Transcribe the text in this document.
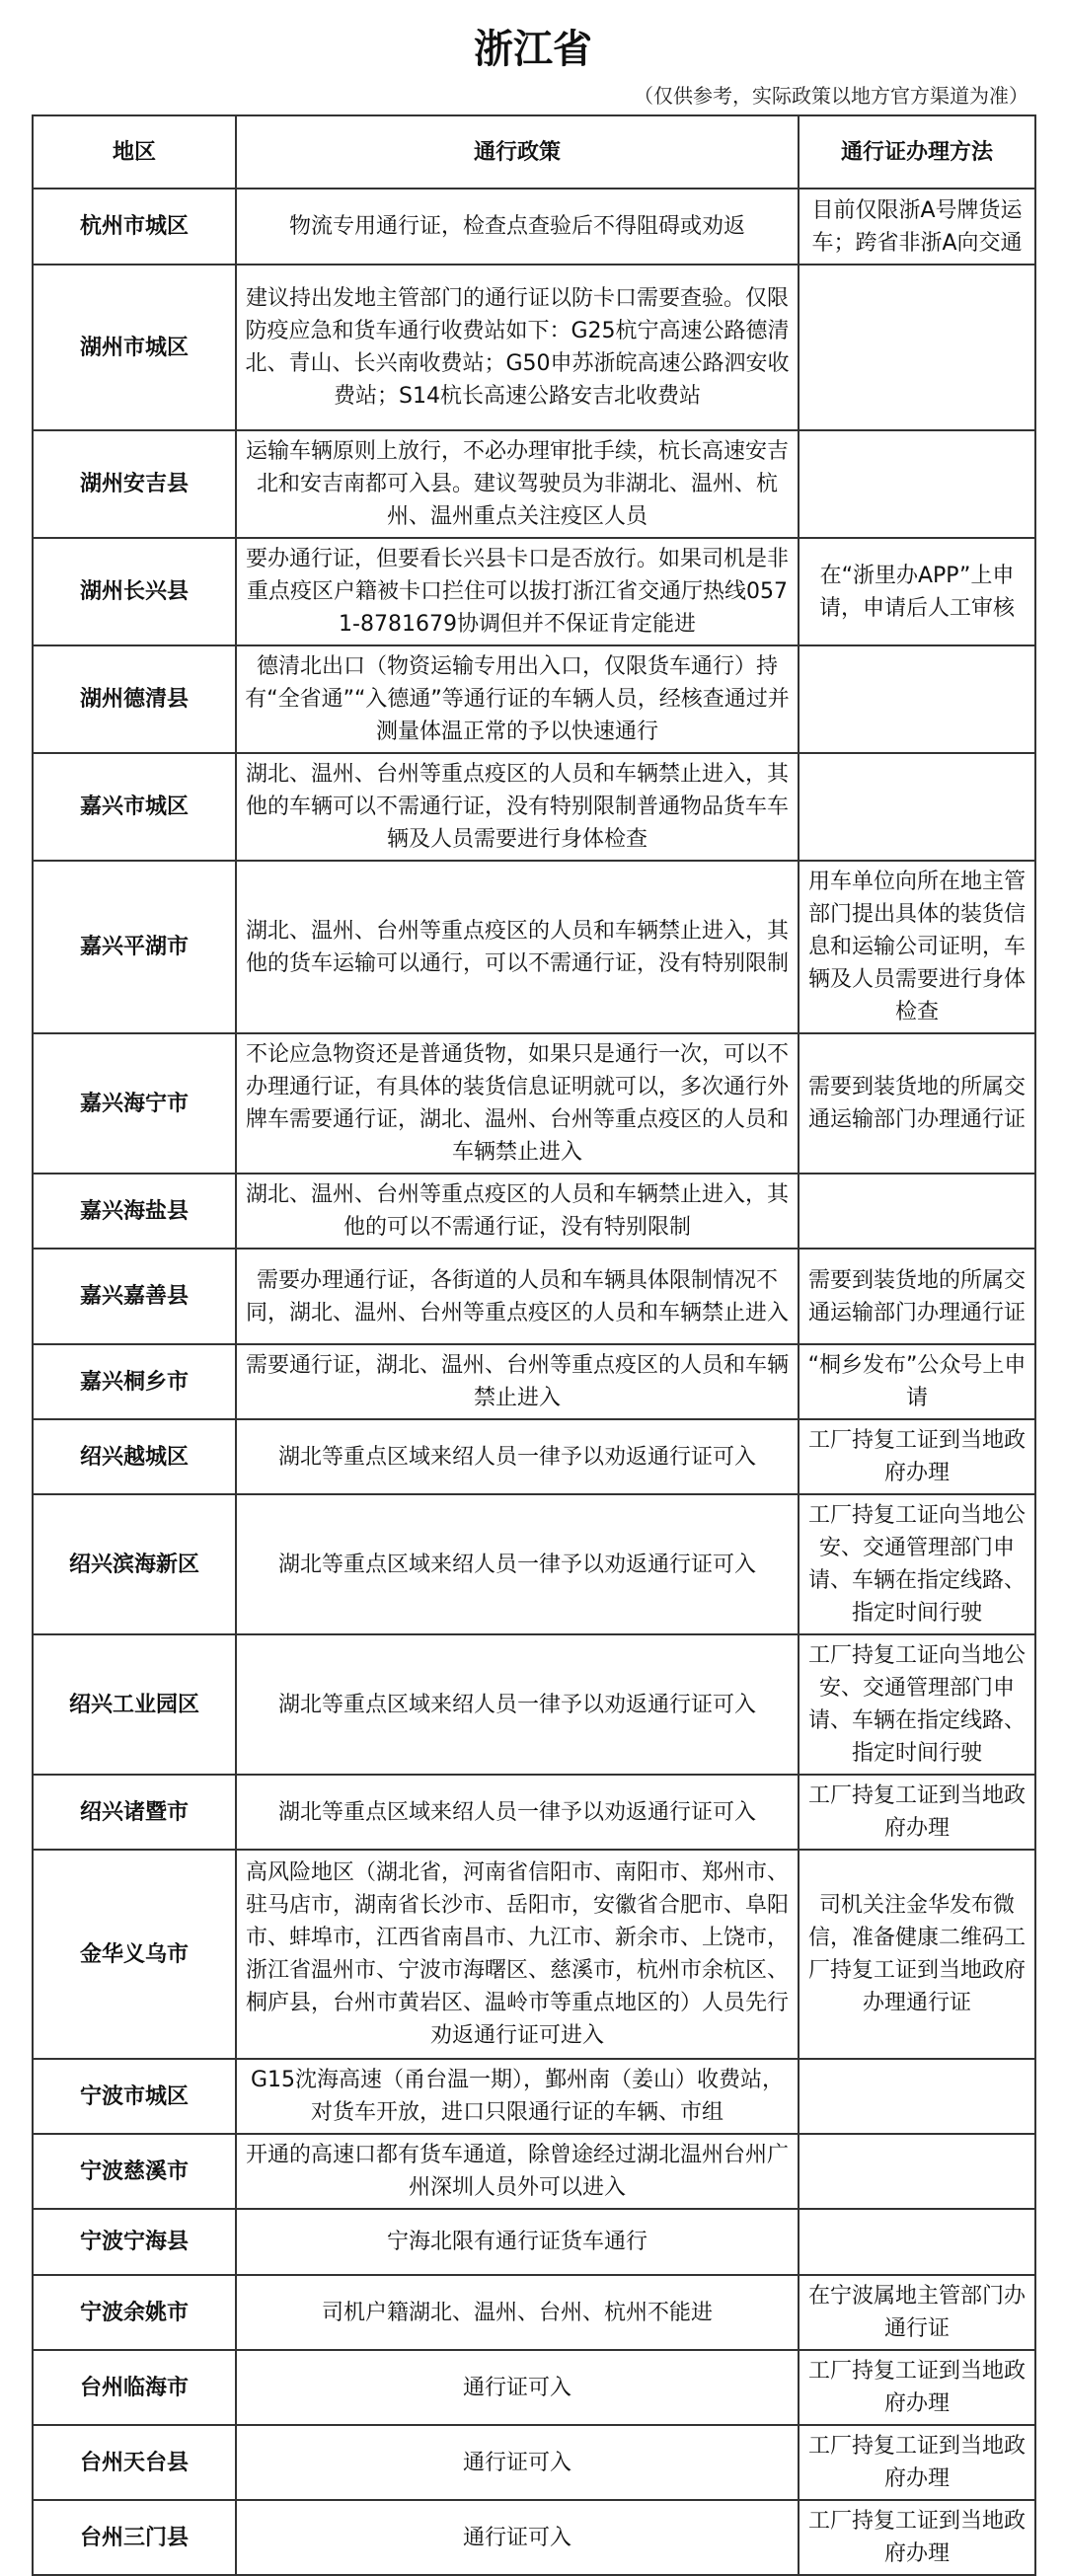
浙江省
（仅供参考，实际政策以地方官方渠道为准）
地区	通行政策	通行证办理方法
杭州市城区	物流专用通行证，检查点查验后不得阻碍或劝返	目前仅限浙A号牌货运车；跨省非浙A向交通
湖州市城区	建议持出发地主管部门的通行证以防卡口需要查验。仅限防疫应急和货车通行收费站如下：G25杭宁高速公路德清北、青山、长兴南收费站；G50申苏浙皖高速公路泗安收费站；S14杭长高速公路安吉北收费站	
湖州安吉县	运输车辆原则上放行，不必办理审批手续，杭长高速安吉北和安吉南都可入县。建议驾驶员为非湖北、温州、杭州、温州重点关注疫区人员	
湖州长兴县	要办通行证，但要看长兴县卡口是否放行。如果司机是非重点疫区户籍被卡口拦住可以拔打浙江省交通厅热线0571-8781679协调但并不保证肯定能进	在“浙里办APP”上申请，申请后人工审核
湖州德清县	德清北出口（物资运输专用出入口，仅限货车通行）持有“全省通”“入德通”等通行证的车辆人员，经核查通过并测量体温正常的予以快速通行	
嘉兴市城区	湖北、温州、台州等重点疫区的人员和车辆禁止进入，其他的车辆可以不需通行证，没有特别限制普通物品货车车辆及人员需要进行身体检查	
嘉兴平湖市	湖北、温州、台州等重点疫区的人员和车辆禁止进入，其他的货车运输可以通行，可以不需通行证，没有特别限制	用车单位向所在地主管部门提出具体的装货信息和运输公司证明，车辆及人员需要进行身体检查
嘉兴海宁市	不论应急物资还是普通货物，如果只是通行一次，可以不办理通行证，有具体的装货信息证明就可以，多次通行外牌车需要通行证，湖北、温州、台州等重点疫区的人员和车辆禁止进入	需要到装货地的所属交通运输部门办理通行证
嘉兴海盐县	湖北、温州、台州等重点疫区的人员和车辆禁止进入，其他的可以不需通行证，没有特别限制	
嘉兴嘉善县	需要办理通行证，各街道的人员和车辆具体限制情况不同，湖北、温州、台州等重点疫区的人员和车辆禁止进入	需要到装货地的所属交通运输部门办理通行证
嘉兴桐乡市	需要通行证，湖北、温州、台州等重点疫区的人员和车辆禁止进入	“桐乡发布”公众号上申请
绍兴越城区	湖北等重点区域来绍人员一律予以劝返通行证可入	工厂持复工证到当地政府办理
绍兴滨海新区	湖北等重点区域来绍人员一律予以劝返通行证可入	工厂持复工证向当地公安、交通管理部门申请、车辆在指定线路、指定时间行驶
绍兴工业园区	湖北等重点区域来绍人员一律予以劝返通行证可入	工厂持复工证向当地公安、交通管理部门申请、车辆在指定线路、指定时间行驶
绍兴诸暨市	湖北等重点区域来绍人员一律予以劝返通行证可入	工厂持复工证到当地政府办理
金华义乌市	高风险地区（湖北省，河南省信阳市、南阳市、郑州市、驻马店市，湖南省长沙市、岳阳市，安徽省合肥市、阜阳市、蚌埠市，江西省南昌市、九江市、新余市、上饶市，浙江省温州市、宁波市海曙区、慈溪市，杭州市余杭区、桐庐县，台州市黄岩区、温岭市等重点地区的）人员先行劝返通行证可进入	司机关注金华发布微信，准备健康二维码工厂持复工证到当地政府办理通行证
宁波市城区	G15沈海高速（甬台温一期），鄞州南（姜山）收费站，对货车开放，进口只限通行证的车辆、市组	
宁波慈溪市	开通的高速口都有货车通道，除曾途经过湖北温州台州广州深圳人员外可以进入	
宁波宁海县	宁海北限有通行证货车通行	
宁波余姚市	司机户籍湖北、温州、台州、杭州不能进	在宁波属地主管部门办通行证
台州临海市	通行证可入	工厂持复工证到当地政府办理
台州天台县	通行证可入	工厂持复工证到当地政府办理
台州三门县	通行证可入	工厂持复工证到当地政府办理
